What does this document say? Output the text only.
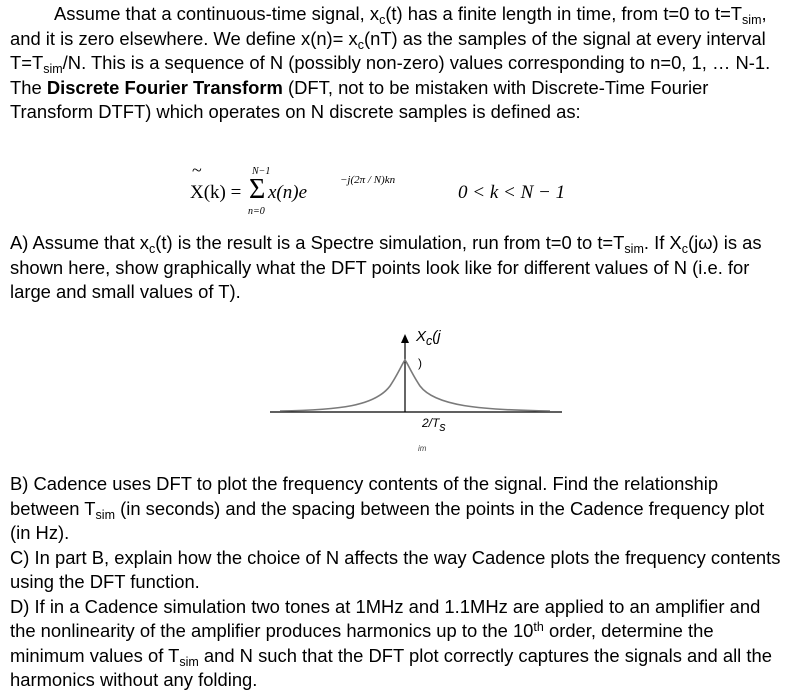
Assume that a continuous-time signal, $x_c(t)$ has a finite length in time, from t=0 to $t=T_{sim}$, and it is zero elsewhere. We define $x(n)= x_c(nT)$ as the samples of the signal at every interval $T=T_{sim}/N$. This is a sequence of N (possibly non-zero) values corresponding to n=0, 1, … N-1. The Discrete Fourier Transform (DFT, not to be mistaken with Discrete-Time Fourier Transform DTFT) which operates on N discrete samples is defined as:

~
X(k) =
N−1
Σ
n=0
x(n)e
−j(2π / N)kn
0 < k < N − 1

A) Assume that $x_c(t)$ is the result is a Spectre simulation, run from t=0 to $t=T_{sim}$. If $X_c(j\omega)$ is as shown here, show graphically what the DFT points look like for different values of N (i.e. for large and small values of T).

$X_c(j$
)
$2/T_s$
im

B) Cadence uses DFT to plot the frequency contents of the signal. Find the relationship between $T_{sim}$ (in seconds) and the spacing between the points in the Cadence frequency plot (in Hz).

C) In part B, explain how the choice of N affects the way Cadence plots the frequency contents using the DFT function.

D) If in a Cadence simulation two tones at 1MHz and 1.1MHz are applied to an amplifier and the nonlinearity of the amplifier produces harmonics up to the 10th order, determine the minimum values of $T_{sim}$ and N such that the DFT plot correctly captures the signals and all the harmonics without any folding.
